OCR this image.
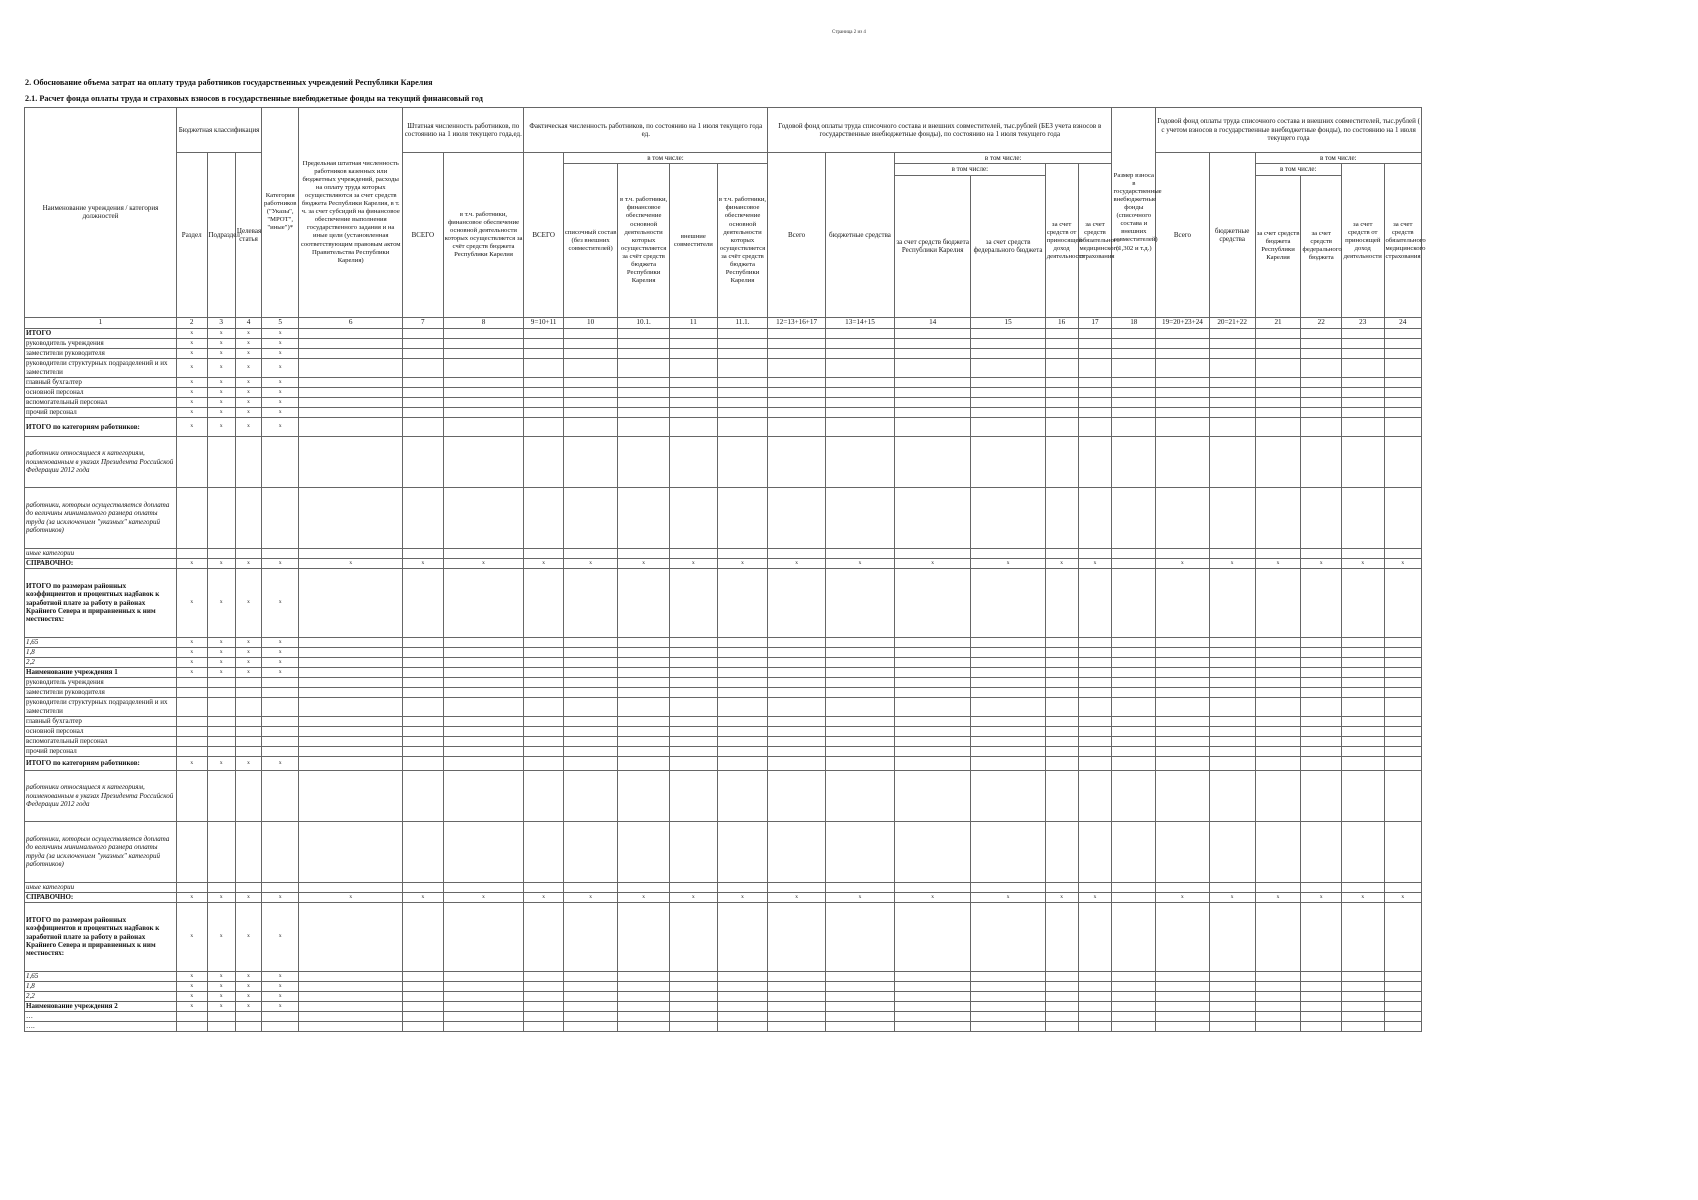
Страница 2 из 4
2. Обоснование объема затрат на оплату труда работников государственных учреждений Республики Карелия
2.1. Расчет фонда оплаты труда и страховых взносов в государственные внебюджетные фонды на текущий финансовый год
Наименование учреждения / категория должностей	Бюджетная классификация			Категория работников ("Указы", "МРОТ", "иные")*	Предельная штатная численность работников казенных или бюджетных учреждений, расходы на оплату труда которых осуществляются за счет средств бюджета Республики Карелия, в т. ч. за счет субсидий на финансовое обеспечение выполнения государственного задания и на иные цели (установленная соответствующим правовым актом Правительства Республики Карелия)	Штатная численность работников, по состоянию на 1 июля текущего года,ед.		Фактическая численность работников, по состоянию на 1 июля текущего года ед.					Годовой фонд оплаты труда списочного состава и внешних совместителей, тыс.рублей (БЕЗ учета взносов в государственные внебюджетные фонды), по состоянию на 1 июля текущего года						Размер взноса в государственные внебюджетные фонды (списочного состава и внешних совместителей) (1,302 и т.д.)	Годовой фонд оплаты труда списочного состава и внешних совместителей, тыс.рублей ( с учетом взносов в государственные внебюджетные фонды), по состоянию на 1 июля текущего года					

	Раздел	Подраздел	Целевая статья			ВСЕГО	в т.ч. работники, финансовое обеспечение основной деятельности которых осуществляется за счёт средств бюджета Республики Карелия	ВСЕГО	в том числе:				Всего	бюджетные средства	в том числе:					Всего	бюджетные средства	в том числе:			
									списочный состав (без внешних совместителей)	в т.ч. работники, финансовое обеспечение основной деятельности которых осуществляется за счёт средств бюджета Республики Карелия	внешние совместители	в т.ч. работники, финансовое обеспечение основной деятельности которых осуществляется за счёт средств бюджета Республики Карелия			в том числе:		за счет средств от приносящей доход деятельности	за счет средств обязательного медицинского страхования				в том числе:		за счет средств от приносящей доход деятельности	за счет средств обязательного медицинского страхования
															за счет средств бюджета Республики Карелия	за счет средств федерального бюджета						за счет средств бюджета Республики Карелия	за счет средств федерального бюджета		

1	2	3	4	5	6	7	8	9=10+11	10	10.1.	11	11.1.	12=13+16+17	13=14+15	14	15	16	17	18	19=20+23+24	20=21+22	21	22	23	24
ИТОГО	x	x	x	x																					
руководитель учреждения	x	x	x	x																					
заместители руководителя	x	x	x	x																					
руководители структурных подразделений и их заместители	x	x	x	x																					
главный бухгалтер	x	x	x	x																					
основной персонал	x	x	x	x																					
вспомогательный персонал	x	x	x	x																					
прочий персонал	x	x	x	x																					
ИТОГО по категориям работников:	x	x	x	x																					
работники относящиеся к категориям, поименованным в указах Президента Российской Федерации 2012 года																									
работники, которым осуществляется доплата до величины минимального размера оплаты труда (за исключением "указных" категорий работников)																									
иные категории																									
СПРАВОЧНО:	x	x	x	x	x	x	x	x	x	x	x	x	x	x	x	x	x	x		x	x	x	x	x	x
ИТОГО по размерам районных коэффициентов и процентных надбавок к заработной плате за работу в районах Крайнего Севера и приравненных к ним местностях:	x	x	x	x																					
1,65	x	x	x	x																					
1,8	x	x	x	x																					
2,2	x	x	x	x																					
Наименование учреждения 1	x	x	x	x																					
руководитель учреждения																									
заместители руководителя																									
руководители структурных подразделений и их заместители																									
главный бухгалтер																									
основной персонал																									
вспомогательный персонал																									
прочий персонал																									
ИТОГО по категориям работников:	x	x	x	x																					
работники относящиеся к категориям, поименованным в указах Президента Российской Федерации 2012 года																									
работники, которым осуществляется доплата до величины минимального размера оплаты труда (за исключением "указных" категорий работников)																									
иные категории																									
СПРАВОЧНО:	x	x	x	x	x	x	x	x	x	x	x	x	x	x	x	x	x	x		x	x	x	x	x	x
ИТОГО по размерам районных коэффициентов и процентных надбавок к заработной плате за работу в районах Крайнего Севера и приравненных к ним местностях:	x	x	x	x																					
1,65	x	x	x	x																					
1,8	x	x	x	x																					
2,2	x	x	x	x																					
Наименование учреждения 2	x	x	x	x																					
…																									
….																									
